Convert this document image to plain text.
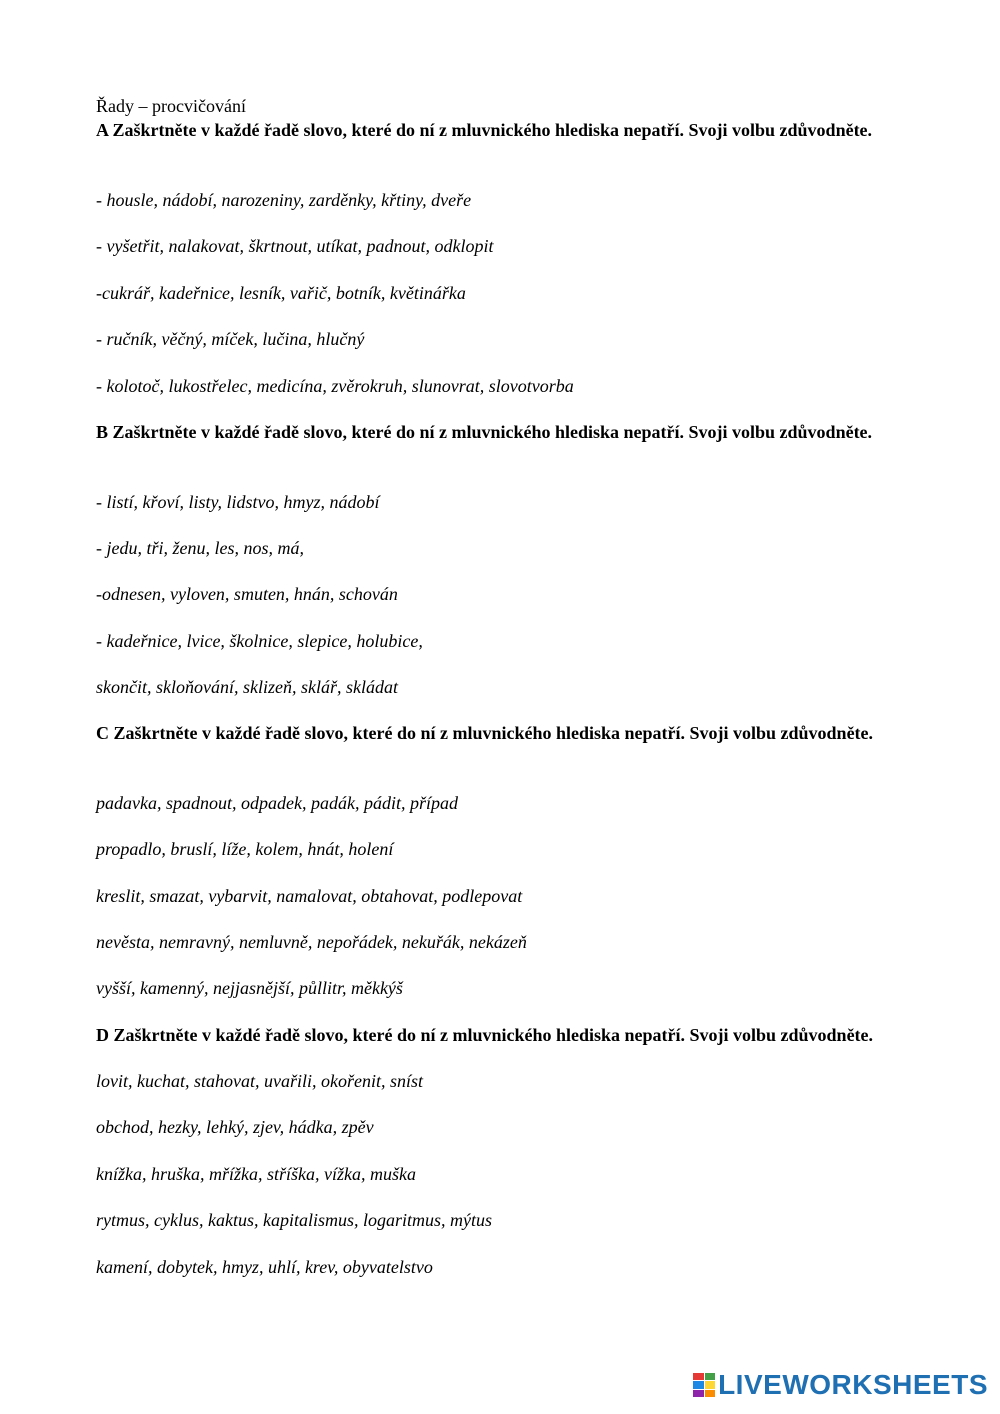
Řady – procvičování
A Zaškrtněte v každé řadě slovo, které do ní z mluvnického hlediska nepatří. Svoji volbu zdůvodněte.
- housle, nádobí, narozeniny, zarděnky, křtiny, dveře
- vyšetřit, nalakovat, škrtnout, utíkat, padnout, odklopit
-cukrář, kadeřnice, lesník, vařič, botník, květinářka
- ručník, věčný, míček, lučina, hlučný
- kolotoč, lukostřelec, medicína, zvěrokruh, slunovrat, slovotvorba
B Zaškrtněte v každé řadě slovo, které do ní z mluvnického hlediska nepatří. Svoji volbu zdůvodněte.
- listí, křoví, listy, lidstvo, hmyz, nádobí
- jedu, tři, ženu, les, nos, má,
-odnesen, vyloven, smuten, hnán, schován
- kadeřnice, lvice, školnice, slepice, holubice,
skončit, skloňování, sklizeň, sklář, skládat
C Zaškrtněte v každé řadě slovo, které do ní z mluvnického hlediska nepatří. Svoji volbu zdůvodněte.
padavka, spadnout, odpadek, padák, pádit, případ
propadlo, bruslí, líže, kolem, hnát, holení
kreslit, smazat, vybarvit, namalovat, obtahovat, podlepovat
nevěsta, nemravný, nemluvně, nepořádek, nekuřák, nekázeň
vyšší, kamenný, nejjasnější, půllitr, měkkýš
D Zaškrtněte v každé řadě slovo, které do ní z mluvnického hlediska nepatří. Svoji volbu zdůvodněte.
lovit, kuchat, stahovat, uvařili, okořenit, sníst
obchod, hezky, lehký, zjev, hádka, zpěv
knížka, hruška, mřížka, stříška, vížka, muška
rytmus, cyklus, kaktus, kapitalismus, logaritmus, mýtus
kamení, dobytek, hmyz, uhlí, krev, obyvatelstvo
LIVEWORKSHEETS
